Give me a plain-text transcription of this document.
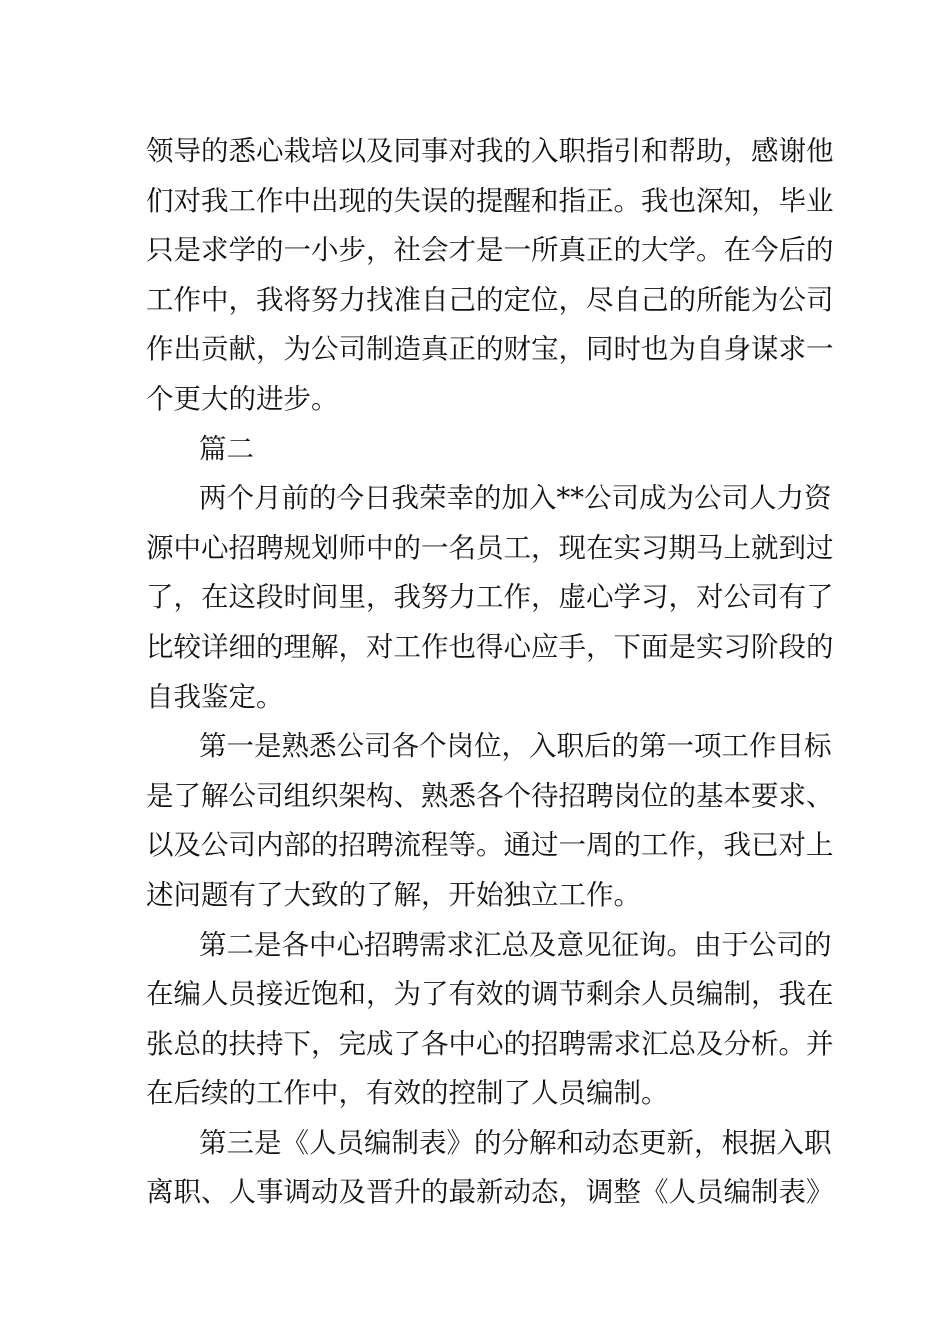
领导的悉心栽培以及同事对我的入职指引和帮助，感谢他
们对我工作中出现的失误的提醒和指正。我也深知，毕业
只是求学的一小步，社会才是一所真正的大学。在今后的
工作中，我将努力找准自己的定位，尽自己的所能为公司
作出贡献，为公司制造真正的财宝，同时也为自身谋求一
个更大的进步。
篇二
两个月前的今日我荣幸的加入**公司成为公司人力资
源中心招聘规划师中的一名员工，现在实习期马上就到过
了，在这段时间里，我努力工作，虚心学习，对公司有了
比较详细的理解，对工作也得心应手，下面是实习阶段的
自我鉴定。
第一是熟悉公司各个岗位，入职后的第一项工作目标
是了解公司组织架构、熟悉各个待招聘岗位的基本要求、
以及公司内部的招聘流程等。通过一周的工作，我已对上
述问题有了大致的了解，开始独立工作。
第二是各中心招聘需求汇总及意见征询。由于公司的
在编人员接近饱和，为了有效的调节剩余人员编制，我在
张总的扶持下，完成了各中心的招聘需求汇总及分析。并
在后续的工作中，有效的控制了人员编制。
第三是《人员编制表》的分解和动态更新，根据入职
离职、人事调动及晋升的最新动态，调整《人员编制表》
